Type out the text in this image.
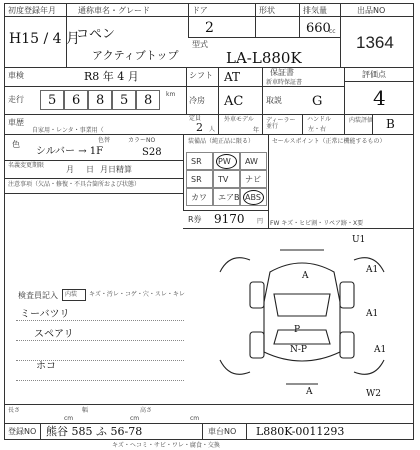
初度登録年月
H15 / 4 月
通称車名・グレード
コペン
アクティブトップ
ドア
2
形状	排気量
660
cc
型式
LA-L880K
出品NO
1364
車検	R8 年 4 月	シフト AT	保証書
新車時保証書
評価点
4
走行 5 6 8 5 8 km
冷房 AC	取説 G
車歴
自家用・レンタ・事業用（
定員
2 人
外車モデル
年
ディーラー並行
ハンドル
左・右
内装評価 B
色	色替	カラーNO
シルバー → 1F	S28
名義変更期限	月 日 月日精算
注意事項（欠品・修復・不具合箇所および状態）
装備品（純正品に限る）
SR PW AW
SR TV ナビ
カワ エアB ABS
R券 9170 円
セールスポイント（正常に機能するもの）
FW キズ・ヒビ割・リペア跡・X要
検査員記入 内装 キズ・汚レ・コゲ・穴・スレ・キレ
ミーバツリ
スペアリ
ホコ
U1
A
P
A1
A1
A1
W2
N-P
A
長さ
cm
幅
cm
高さ
cm
登録NO 熊谷 585 ふ 56-78	車台NO L880K-0011293
キズ・ヘコミ・サビ・ワレ・腐食・交換
